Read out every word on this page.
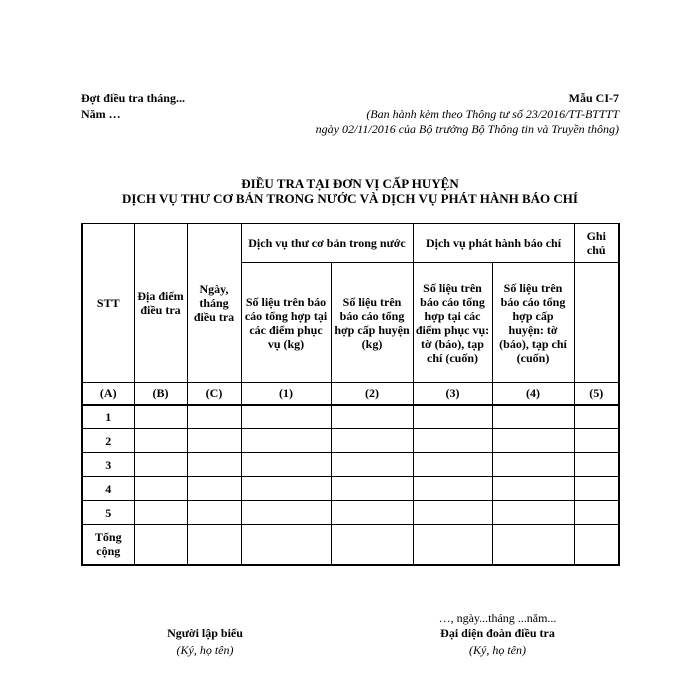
Đợt điều tra tháng...
Năm …
Mẫu CI-7
(Ban hành kèm theo Thông tư số 23/2016/TT-BTTTT
ngày 02/11/2016 của Bộ trưởng Bộ Thông tin và Truyền thông)
ĐIỀU TRA TẠI ĐƠN VỊ CẤP HUYỆN
DỊCH VỤ THƯ CƠ BẢN TRONG NƯỚC VÀ DỊCH VỤ PHÁT HÀNH BÁO CHÍ
STT	Địa điểm điều tra	Ngày, tháng điều tra	Dịch vụ thư cơ bản trong nước		Dịch vụ phát hành báo chí		Ghi chú
			Số liệu trên báo cáo tổng hợp tại các điểm phục vụ (kg)	Số liệu trên báo cáo tổng hợp cấp huyện (kg)	Số liệu trên báo cáo tổng hợp tại các điểm phục vụ: tờ (báo), tạp chí (cuốn)	Số liệu trên báo cáo tổng hợp cấp huyện: tờ (báo), tạp chí (cuốn)	
(A)	(B)	(C)	(1)	(2)	(3)	(4)	(5)
1							
2							
3							
4							
5							
Tổng cộng							
…, ngày...tháng ...năm...
Người lập biểu
(Ký, họ tên)
Đại diện đoàn điều tra
(Ký, họ tên)
